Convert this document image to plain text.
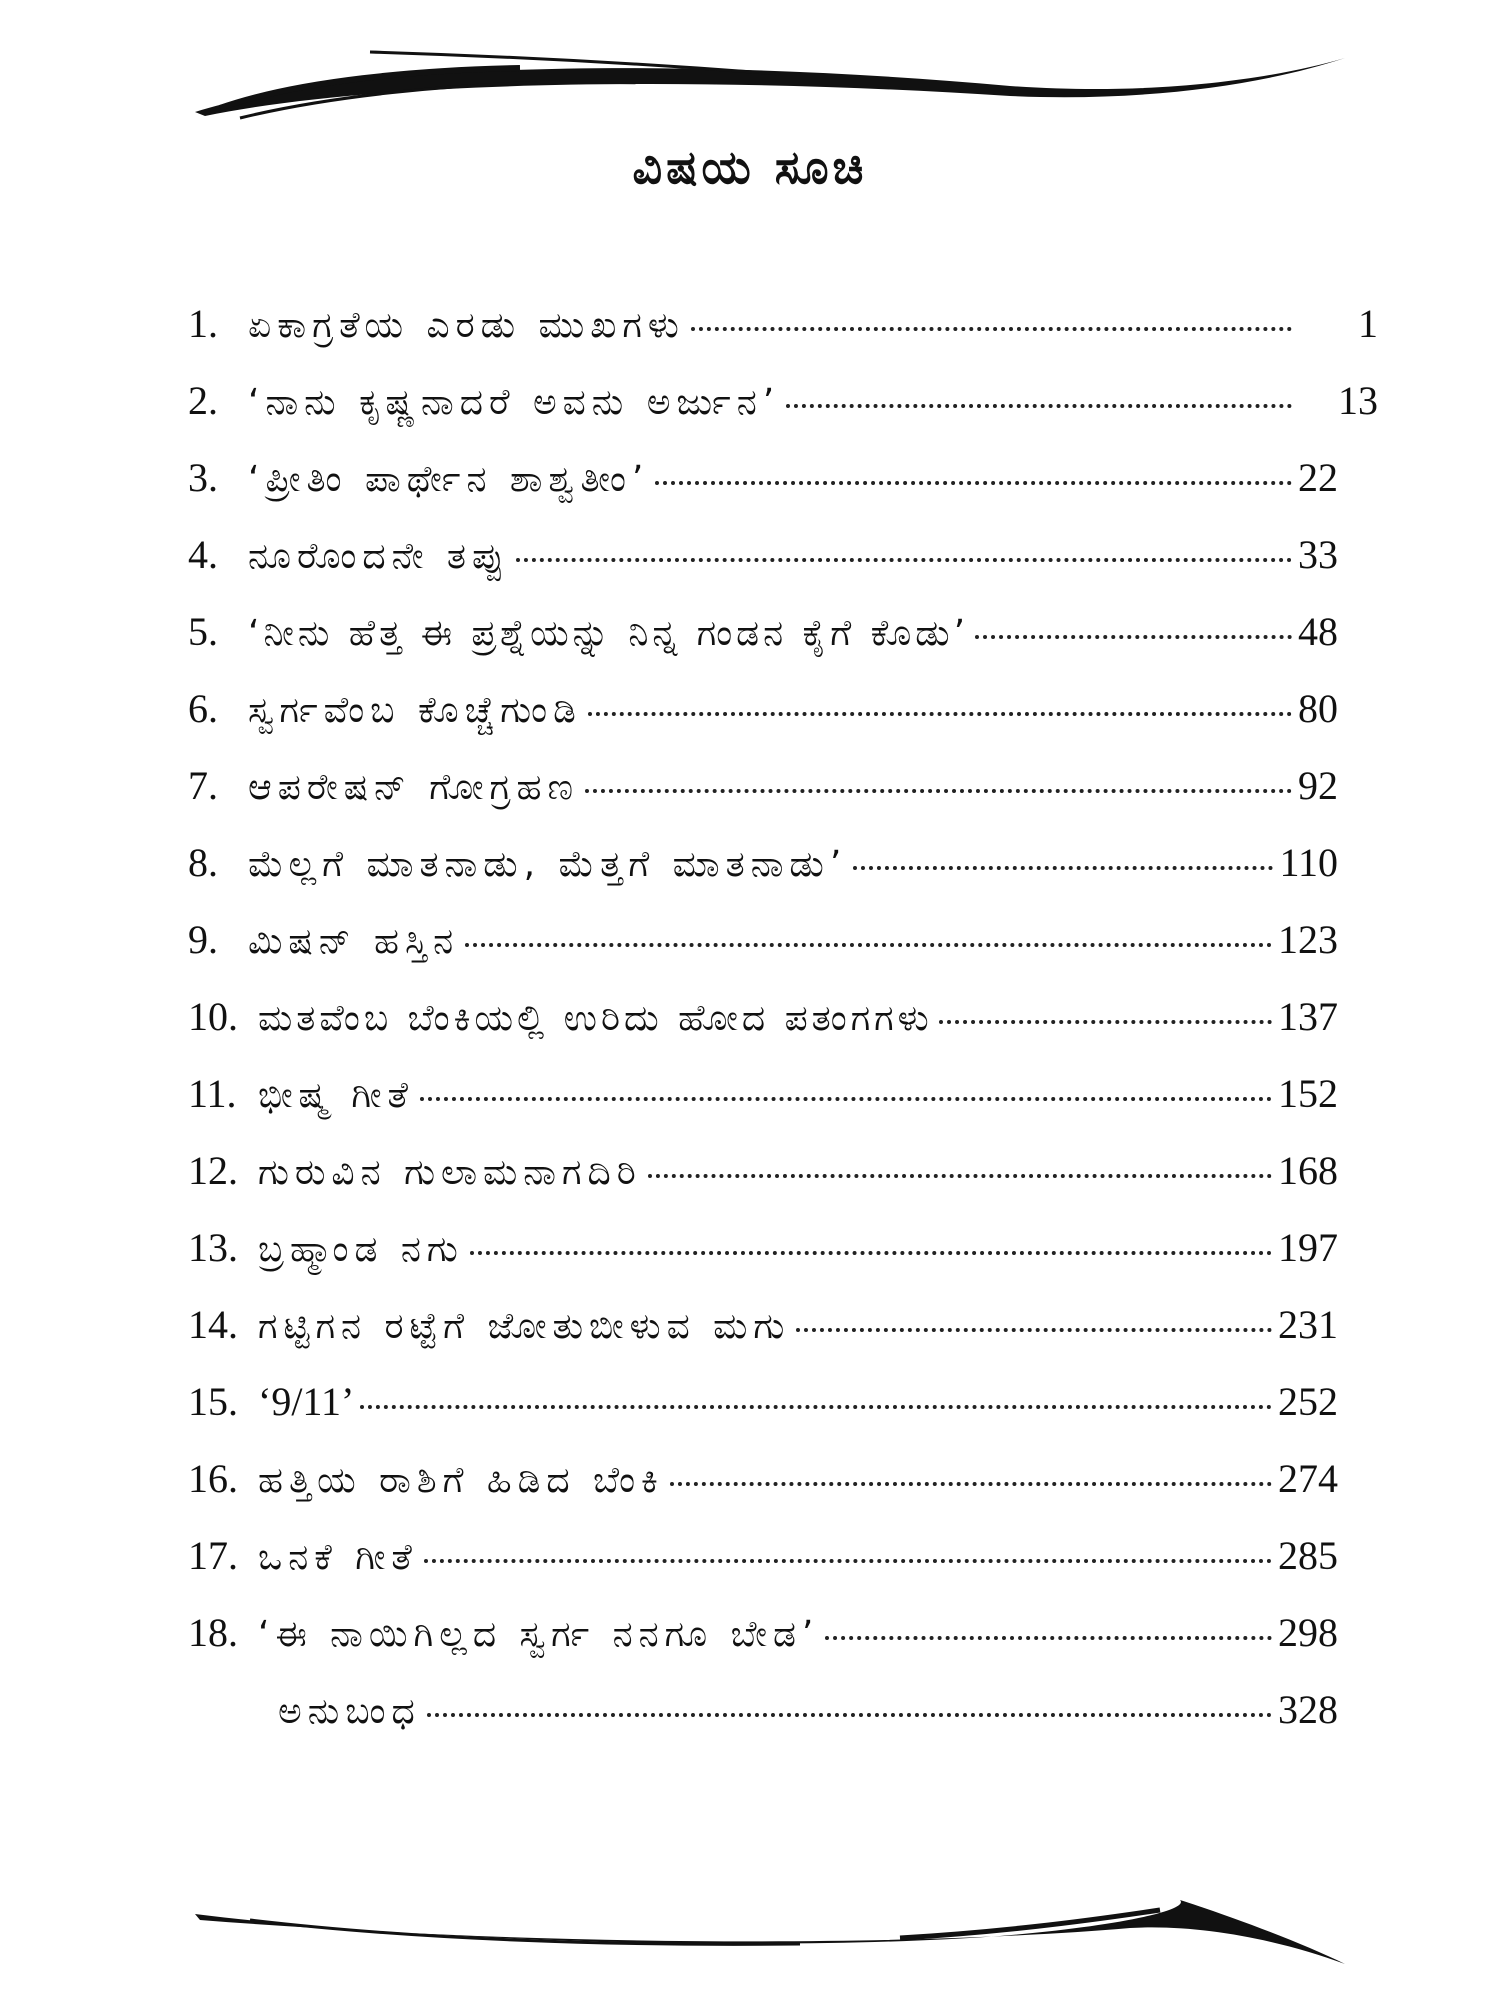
ವಿಷಯ ಸೂಚಿ
1. ಏಕಾಗ್ರತೆಯ ಎರಡು ಮುಖಗಳು	1
2. ‘ನಾನು ಕೃಷ್ಣನಾದರೆ ಅವನು ಅರ್ಜುನ’	13
3. ‘ಪ್ರೀತಿಂ ಪಾರ್ಥೇನ ಶಾಶ್ವತೀಂ’	22
4. ನೂರೊಂದನೇ ತಪ್ಪು	33
5. ‘ನೀನು ಹೆತ್ತ ಈ ಪ್ರಶ್ನೆಯನ್ನು ನಿನ್ನ ಗಂಡನ ಕೈಗೆ ಕೊಡು’	48
6. ಸ್ವರ್ಗವೆಂಬ ಕೊಚ್ಚೆಗುಂಡಿ	80
7. ಆಪರೇಷನ್ ಗೋಗ್ರಹಣ	92
8. ಮೆಲ್ಲಗೆ ಮಾತನಾಡು, ಮೆತ್ತಗೆ ಮಾತನಾಡು’	110
9. ಮಿಷನ್ ಹಸ್ತಿನ	123
10. ಮತವೆಂಬ ಬೆಂಕಿಯಲ್ಲಿ ಉರಿದು ಹೋದ ಪತಂಗಗಳು	137
11. ಭೀಷ್ಮ ಗೀತೆ	152
12. ಗುರುವಿನ ಗುಲಾಮನಾಗದಿರಿ	168
13. ಬ್ರಹ್ಮಾಂಡ ನಗು	197
14. ಗಟ್ಟಿಗನ ರಟ್ಟೆಗೆ ಜೋತುಬೀಳುವ ಮಗು	231
15. ‘9/11’	252
16. ಹತ್ತಿಯ ರಾಶಿಗೆ ಹಿಡಿದ ಬೆಂಕಿ	274
17. ಒನಕೆ ಗೀತೆ	285
18. ‘ಈ ನಾಯಿಗಿಲ್ಲದ ಸ್ವರ್ಗ ನನಗೂ ಬೇಡ’	298
ಅನುಬಂಧ	328
